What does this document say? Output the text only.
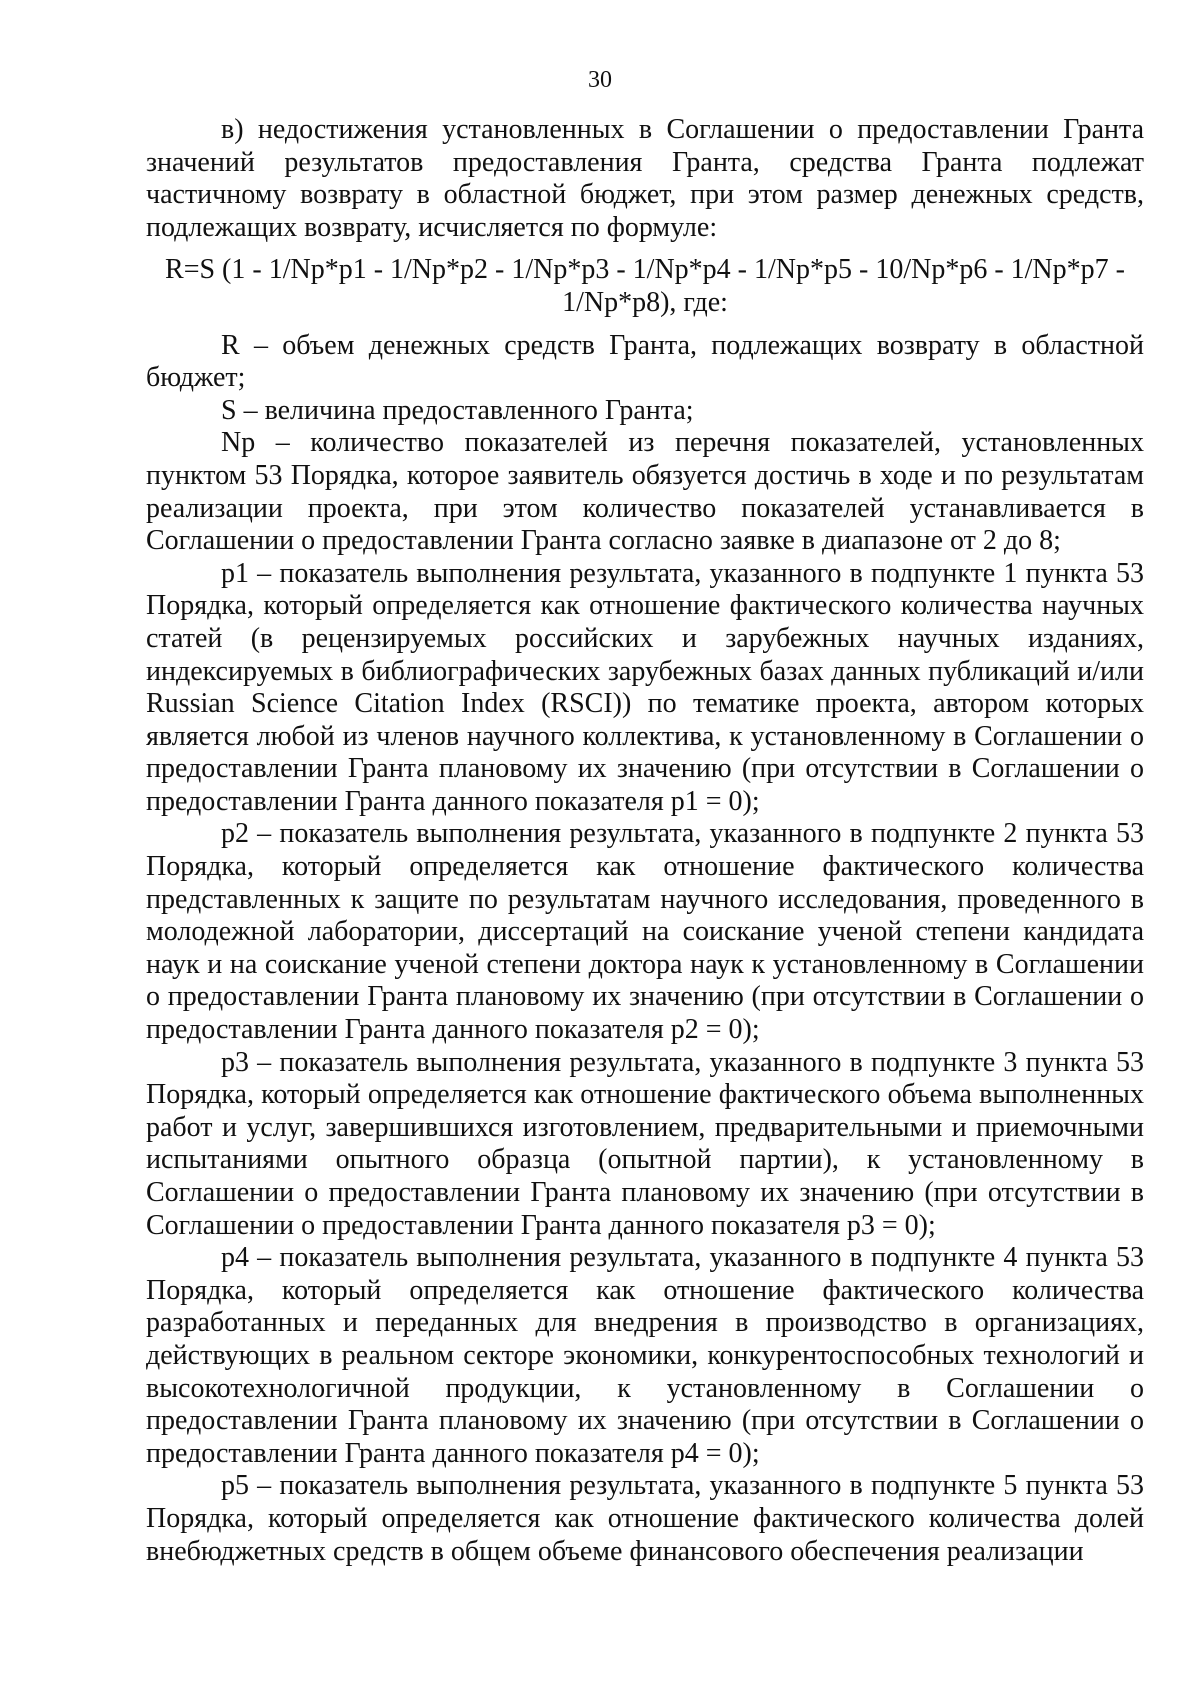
30

в) недостижения установленных в Соглашении о предоставлении Гранта значений результатов предоставления Гранта, средства Гранта подлежат частичному возврату в областной бюджет, при этом размер денежных средств, подлежащих возврату, исчисляется по формуле:

R=S (1 - 1/Np*p1 - 1/Np*p2 - 1/Np*p3 - 1/Np*p4 - 1/Np*p5 - 10/Np*p6 - 1/Np*p7 - 1/Np*p8), где:

R – объем денежных средств Гранта, подлежащих возврату в областной бюджет;

S – величина предоставленного Гранта;

Np – количество показателей из перечня показателей, установленных пунктом 53 Порядка, которое заявитель обязуется достичь в ходе и по результатам реализации проекта, при этом количество показателей устанавливается в Соглашении о предоставлении Гранта согласно заявке в диапазоне от 2 до 8;

p1 – показатель выполнения результата, указанного в подпункте 1 пункта 53 Порядка, который определяется как отношение фактического количества научных статей (в рецензируемых российских и зарубежных научных изданиях, индексируемых в библиографических зарубежных базах данных публикаций и/или Russian Science Citation Index (RSCI)) по тематике проекта, автором которых является любой из членов научного коллектива, к установленному в Соглашении о предоставлении Гранта плановому их значению (при отсутствии в Соглашении о предоставлении Гранта данного показателя p1 = 0);

p2 – показатель выполнения результата, указанного в подпункте 2 пункта 53 Порядка, который определяется как отношение фактического количества представленных к защите по результатам научного исследования, проведенного в молодежной лаборатории, диссертаций на соискание ученой степени кандидата наук и на соискание ученой степени доктора наук к установленному в Соглашении о предоставлении Гранта плановому их значению (при отсутствии в Соглашении о предоставлении Гранта данного показателя p2 = 0);

p3 – показатель выполнения результата, указанного в подпункте 3 пункта 53 Порядка, который определяется как отношение фактического объема выполненных работ и услуг, завершившихся изготовлением, предварительными и приемочными испытаниями опытного образца (опытной партии), к установленному в Соглашении о предоставлении Гранта плановому их значению (при отсутствии в Соглашении о предоставлении Гранта данного показателя p3 = 0);

p4 – показатель выполнения результата, указанного в подпункте 4 пункта 53 Порядка, который определяется как отношение фактического количества разработанных и переданных для внедрения в производство в организациях, действующих в реальном секторе экономики, конкурентоспособных технологий и высокотехнологичной продукции, к установленному в Соглашении о предоставлении Гранта плановому их значению (при отсутствии в Соглашении о предоставлении Гранта данного показателя p4 = 0);

p5 – показатель выполнения результата, указанного в подпункте 5 пункта 53 Порядка, который определяется как отношение фактического количества долей внебюджетных средств в общем объеме финансового обеспечения реализации
